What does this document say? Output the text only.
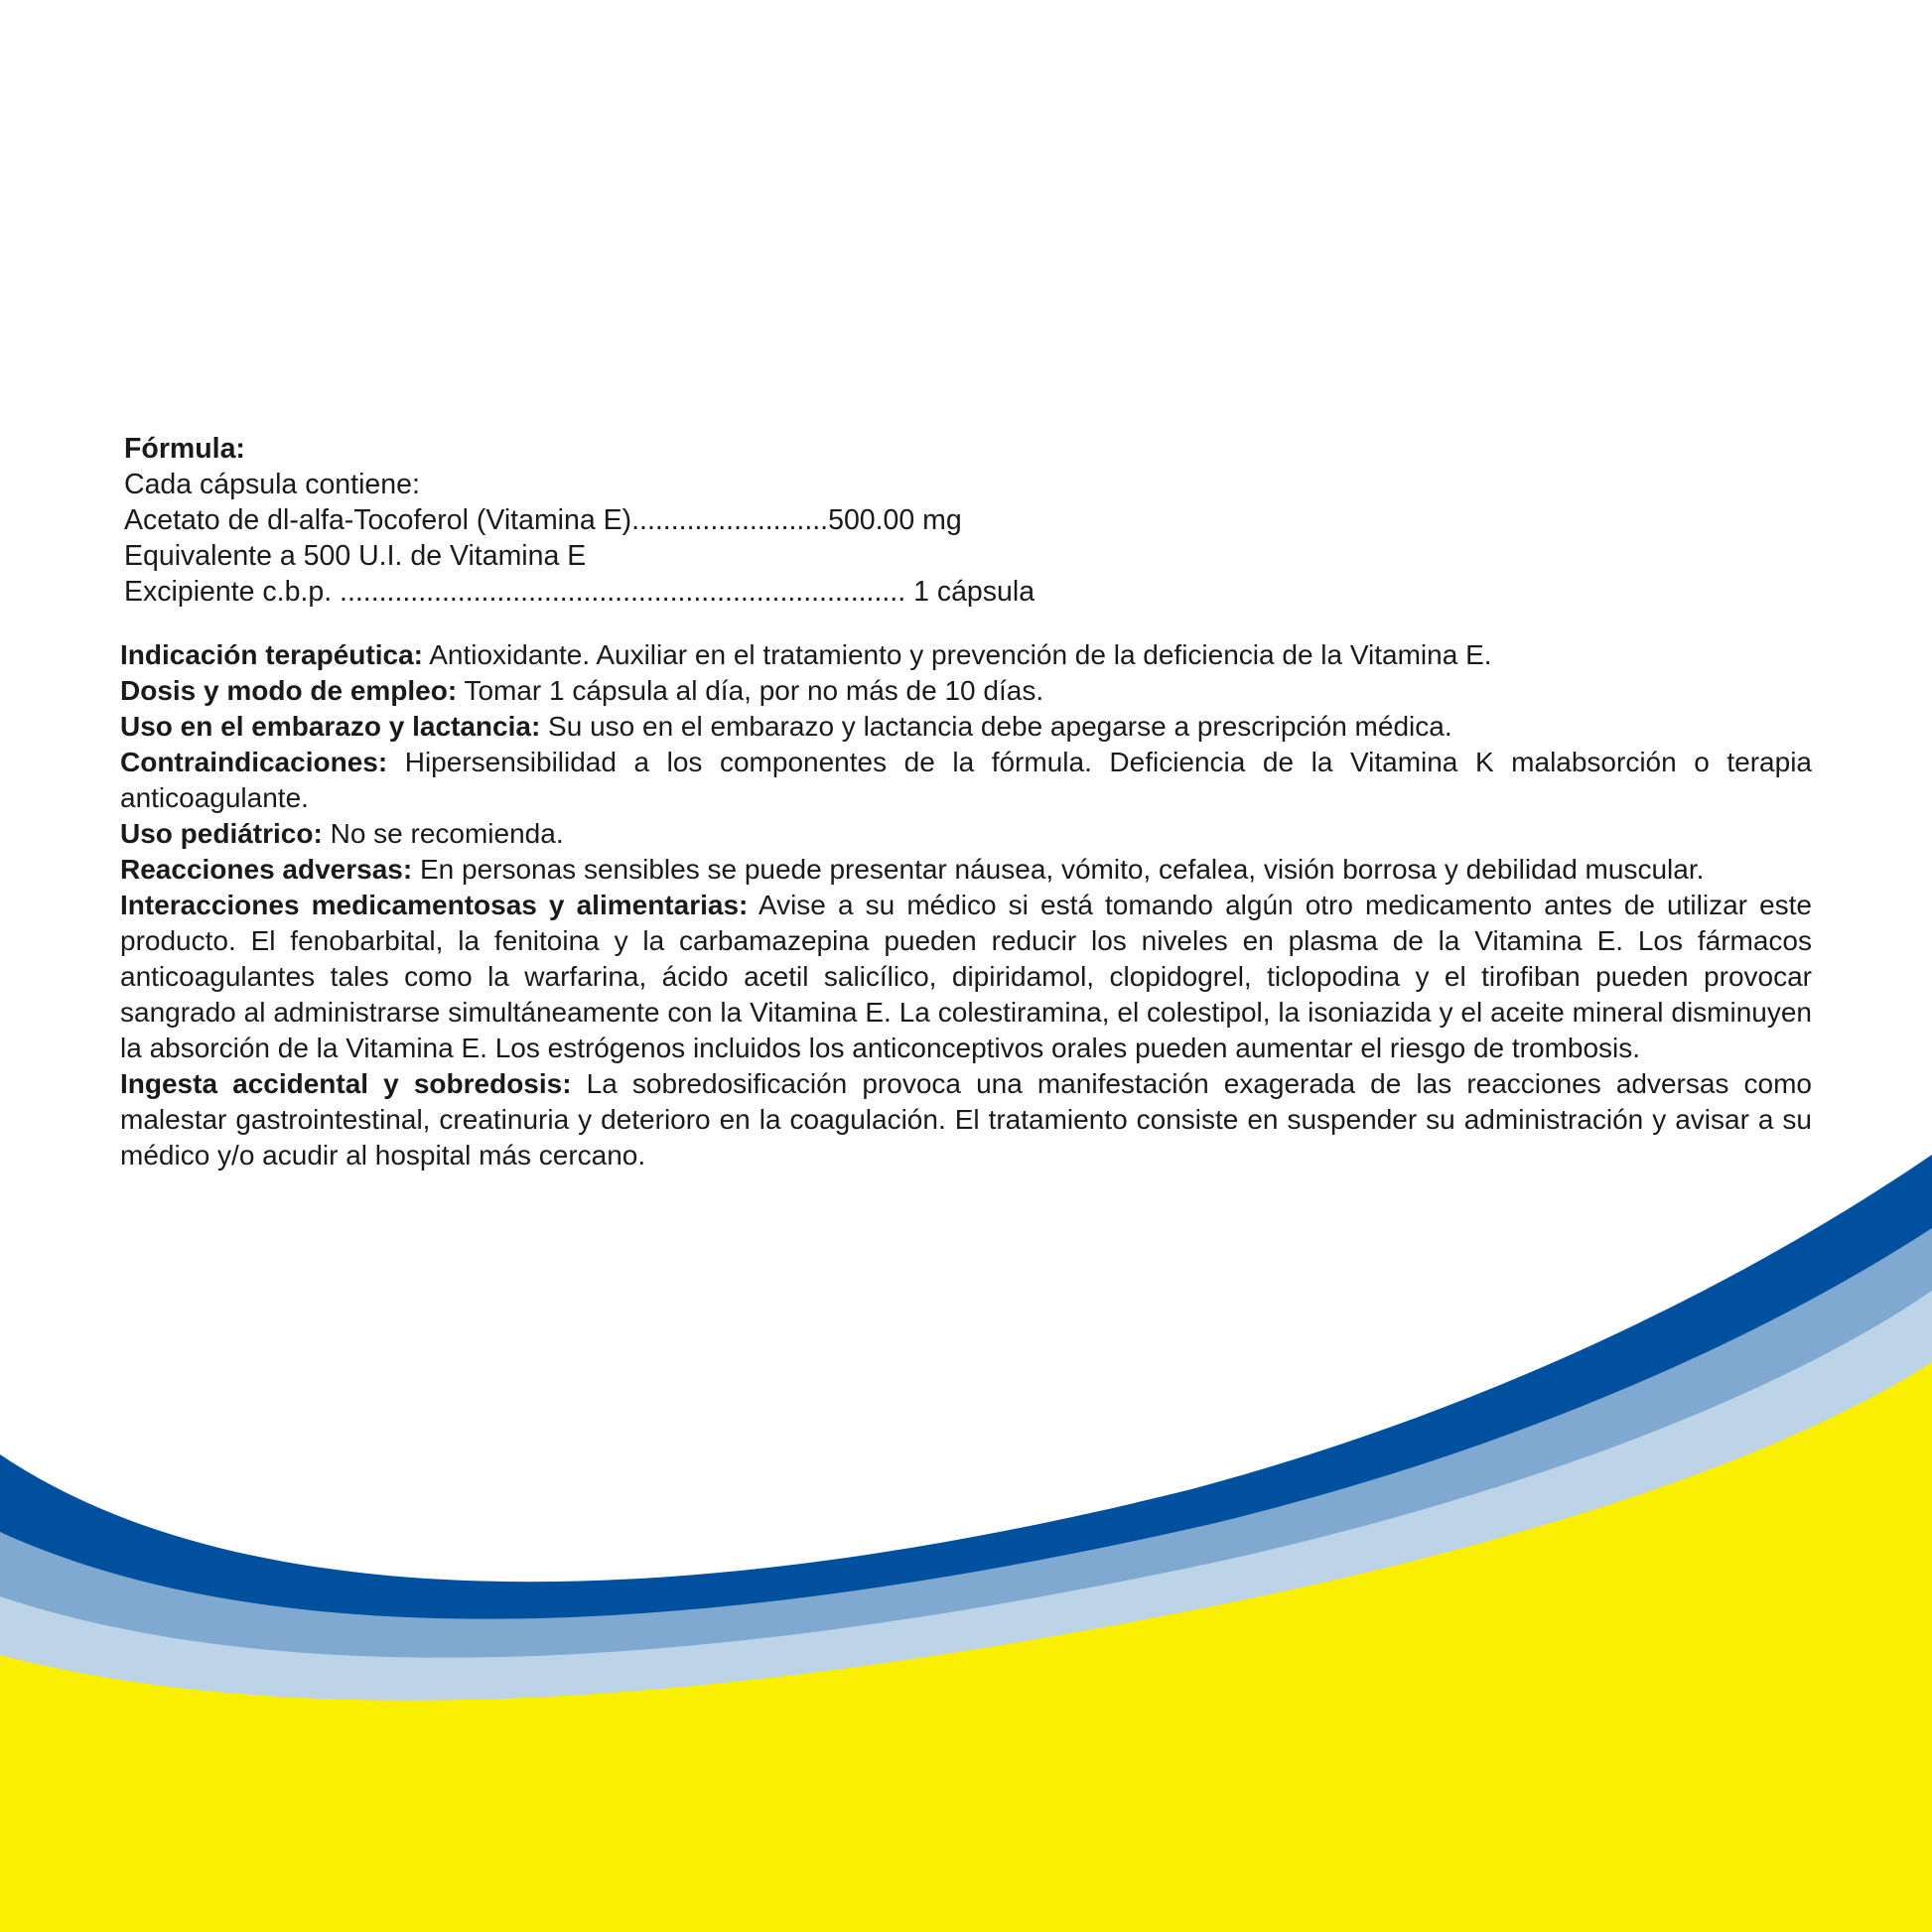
Fórmula:
Cada cápsula contiene:
Acetato de dl-alfa-Tocoferol (Vitamina E).........................500.00 mg
Equivalente a 500 U.I. de Vitamina E
Excipiente c.b.p. ........................................................................ 1 cápsula

Indicación terapéutica: Antioxidante. Auxiliar en el tratamiento y prevención de la deficiencia de la Vitamina E.

Dosis y modo de empleo: Tomar 1 cápsula al día, por no más de 10 días.

Uso en el embarazo y lactancia: Su uso en el embarazo y lactancia debe apegarse a prescripción médica.

Contraindicaciones: Hipersensibilidad a los componentes de la fórmula. Deficiencia de la Vitamina K malabsorción o terapia anticoagulante.

Uso pediátrico: No se recomienda.

Reacciones adversas: En personas sensibles se puede presentar náusea, vómito, cefalea, visión borrosa y debilidad muscular.

Interacciones medicamentosas y alimentarias: Avise a su médico si está tomando algún otro medicamento antes de utilizar este producto. El fenobarbital, la fenitoina y la carbamazepina pueden reducir los niveles en plasma de la Vitamina E. Los fármacos anticoagulantes tales como la warfarina, ácido acetil salicílico, dipiridamol, clopidogrel, ticlopodina y el tirofiban pueden provocar sangrado al administrarse simultáneamente con la Vitamina E. La colestiramina, el colestipol, la isoniazida y el aceite mineral disminuyen la absorción de la Vitamina E. Los estrógenos incluidos los anticonceptivos orales pueden aumentar el riesgo de trombosis.

Ingesta accidental y sobredosis: La sobredosificación provoca una manifestación exagerada de las reacciones adversas como malestar gastrointestinal, creatinuria y deterioro en la coagulación. El tratamiento consiste en suspender su administración y avisar a su médico y/o acudir al hospital más cercano.
